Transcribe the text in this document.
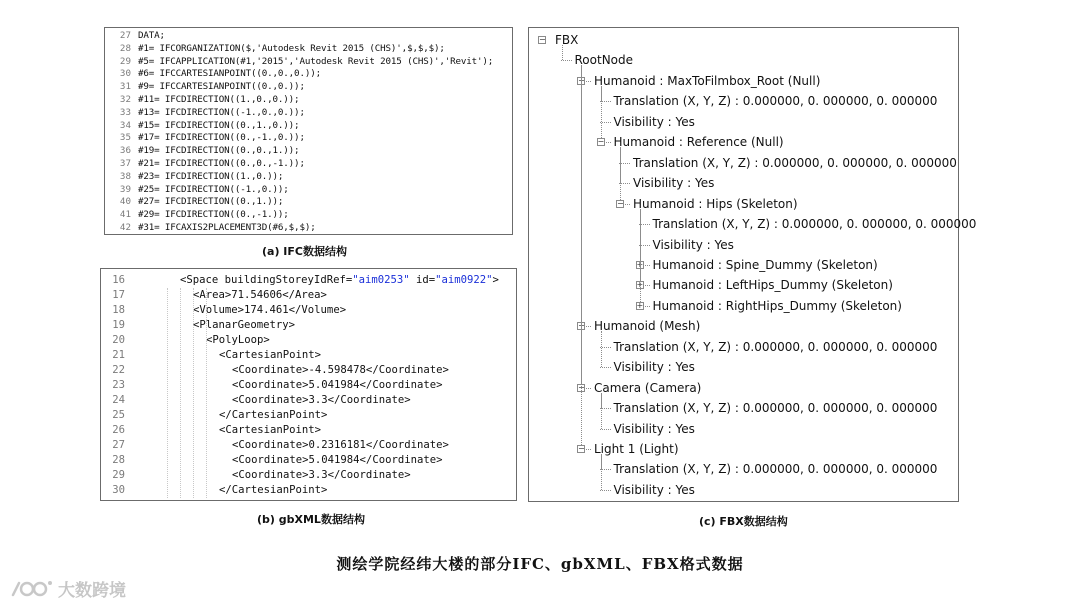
27 DATA;
28 #1= IFCORGANIZATION($,'Autodesk Revit 2015 (CHS)',$,$,$);
29 #5= IFCAPPLICATION(#1,'2015','Autodesk Revit 2015 (CHS)','Revit');
30 #6= IFCCARTESIANPOINT((0.,0.,0.));
31 #9= IFCCARTESIANPOINT((0.,0.));
32 #11= IFCDIRECTION((1.,0.,0.));
33 #13= IFCDIRECTION((-1.,0.,0.));
34 #15= IFCDIRECTION((0.,1.,0.));
35 #17= IFCDIRECTION((0.,-1.,0.));
36 #19= IFCDIRECTION((0.,0.,1.));
37 #21= IFCDIRECTION((0.,0.,-1.));
38 #23= IFCDIRECTION((1.,0.));
39 #25= IFCDIRECTION((-1.,0.));
40 #27= IFCDIRECTION((0.,1.));
41 #29= IFCDIRECTION((0.,-1.));
42 #31= IFCAXIS2PLACEMENT3D(#6,$,$);
(a) IFC数据结构
16	<Space buildingStoreyIdRef="aim0253" id="aim0922">
17	<Area>71.54606</Area>
18	<Volume>174.461</Volume>
19	<PlanarGeometry>
20	<PolyLoop>
21	<CartesianPoint>
22	<Coordinate>-4.598478</Coordinate>
23	<Coordinate>5.041984</Coordinate>
24	<Coordinate>3.3</Coordinate>
25	</CartesianPoint>
26	<CartesianPoint>
27	<Coordinate>0.2316181</Coordinate>
28	<Coordinate>5.041984</Coordinate>
29	<Coordinate>3.3</Coordinate>
30	</CartesianPoint>
(b) gbXML数据结构
− FBX
RootNode
− Humanoid : MaxToFilmbox_Root (Null)
Translation (X, Y, Z) : 0.000000, 0. 000000, 0. 000000
Visibility : Yes
− Humanoid : Reference (Null)
Translation (X, Y, Z) : 0.000000, 0. 000000, 0. 000000
Visibility : Yes
− Humanoid : Hips (Skeleton)
Translation (X, Y, Z) : 0.000000, 0. 000000, 0. 000000
Visibility : Yes
+ Humanoid : Spine_Dummy (Skeleton)
+ Humanoid : LeftHips_Dummy (Skeleton)
+ Humanoid : RightHips_Dummy (Skeleton)
− Humanoid (Mesh)
Translation (X, Y, Z) : 0.000000, 0. 000000, 0. 000000
Visibility : Yes
− Camera (Camera)
Translation (X, Y, Z) : 0.000000, 0. 000000, 0. 000000
Visibility : Yes
− Light 1 (Light)
Translation (X, Y, Z) : 0.000000, 0. 000000, 0. 000000
Visibility : Yes
(c) FBX数据结构
测绘学院经纬大楼的部分IFC、gbXML、FBX格式数据
大数跨境
